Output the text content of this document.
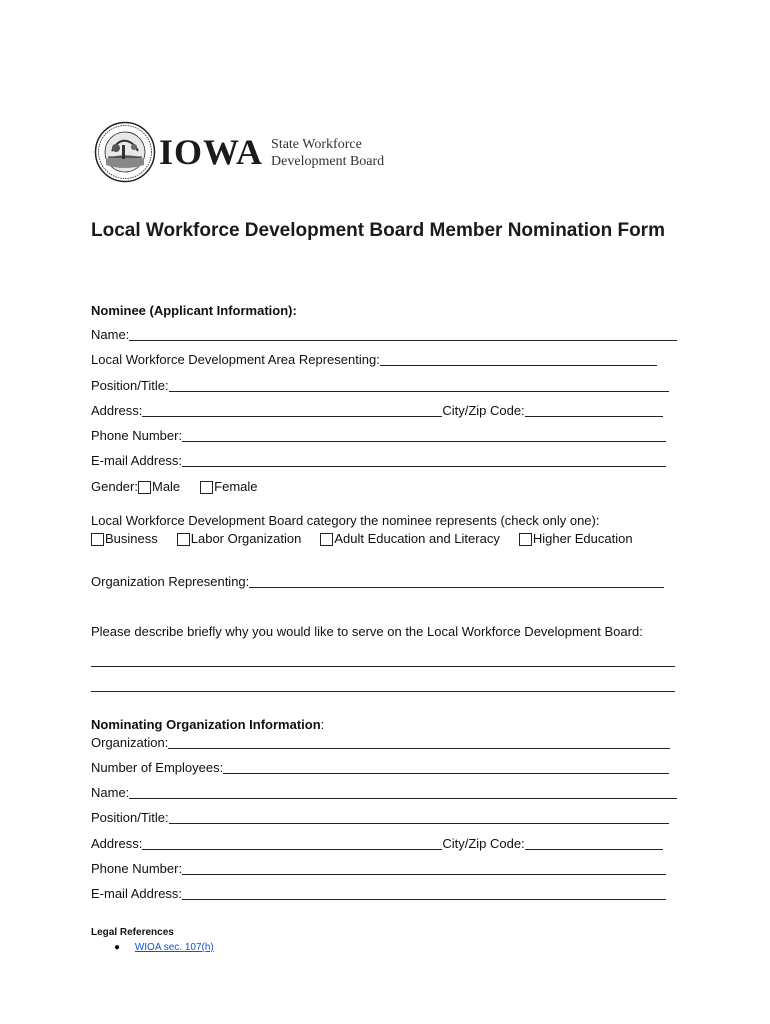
IOWA State Workforce
Development Board
Local Workforce Development Board Member Nomination Form
Nominee (Applicant Information):
Name:
Local Workforce Development Area Representing:
Position/Title:
Address:	City/Zip Code:
Phone Number:
E-mail Address:
Gender: Male	Female
Local Workforce Development Board category the nominee represents (check only one):
Business	Labor Organization	Adult Education and Literacy	Higher Education
Organization Representing:
Please describe briefly why you would like to serve on the Local Workforce Development Board:
Nominating Organization Information:
Organization:
Number of Employees:
Name:
Position/Title:
Address:	City/Zip Code:
Phone Number:
E-mail Address:
Legal References
● WIOA sec. 107(h)
